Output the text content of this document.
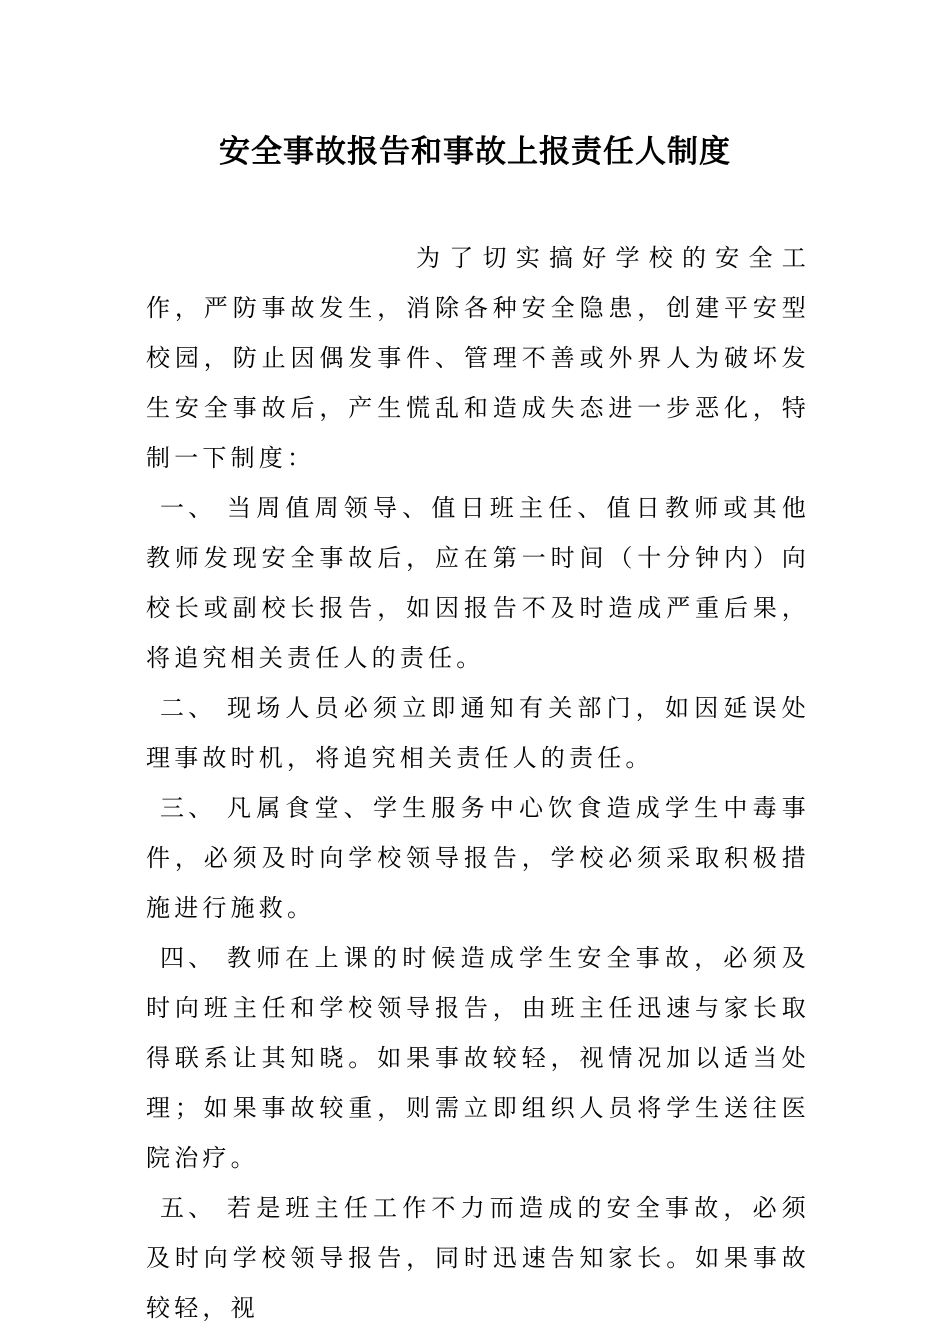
安全事故报告和事故上报责任人制度

为了切实搞好学校的安全工作，严防事故发生，消除各种安全隐患，创建平安型校园，防止因偶发事件、管理不善或外界人为破坏发生安全事故后，产生慌乱和造成失态进一步恶化，特制一下制度：

一、 当周值周领导、值日班主任、值日教师或其他教师发现安全事故后，应在第一时间（十分钟内）向校长或副校长报告，如因报告不及时造成严重后果，将追究相关责任人的责任。

二、 现场人员必须立即通知有关部门，如因延误处理事故时机，将追究相关责任人的责任。

三、 凡属食堂、学生服务中心饮食造成学生中毒事件，必须及时向学校领导报告，学校必须采取积极措施进行施救。

四、 教师在上课的时候造成学生安全事故，必须及时向班主任和学校领导报告，由班主任迅速与家长取得联系让其知晓。如果事故较轻，视情况加以适当处理；如果事故较重，则需立即组织人员将学生送往医院治疗。

五、 若是班主任工作不力而造成的安全事故，必须及时向学校领导报告，同时迅速告知家长。如果事故较轻，视
